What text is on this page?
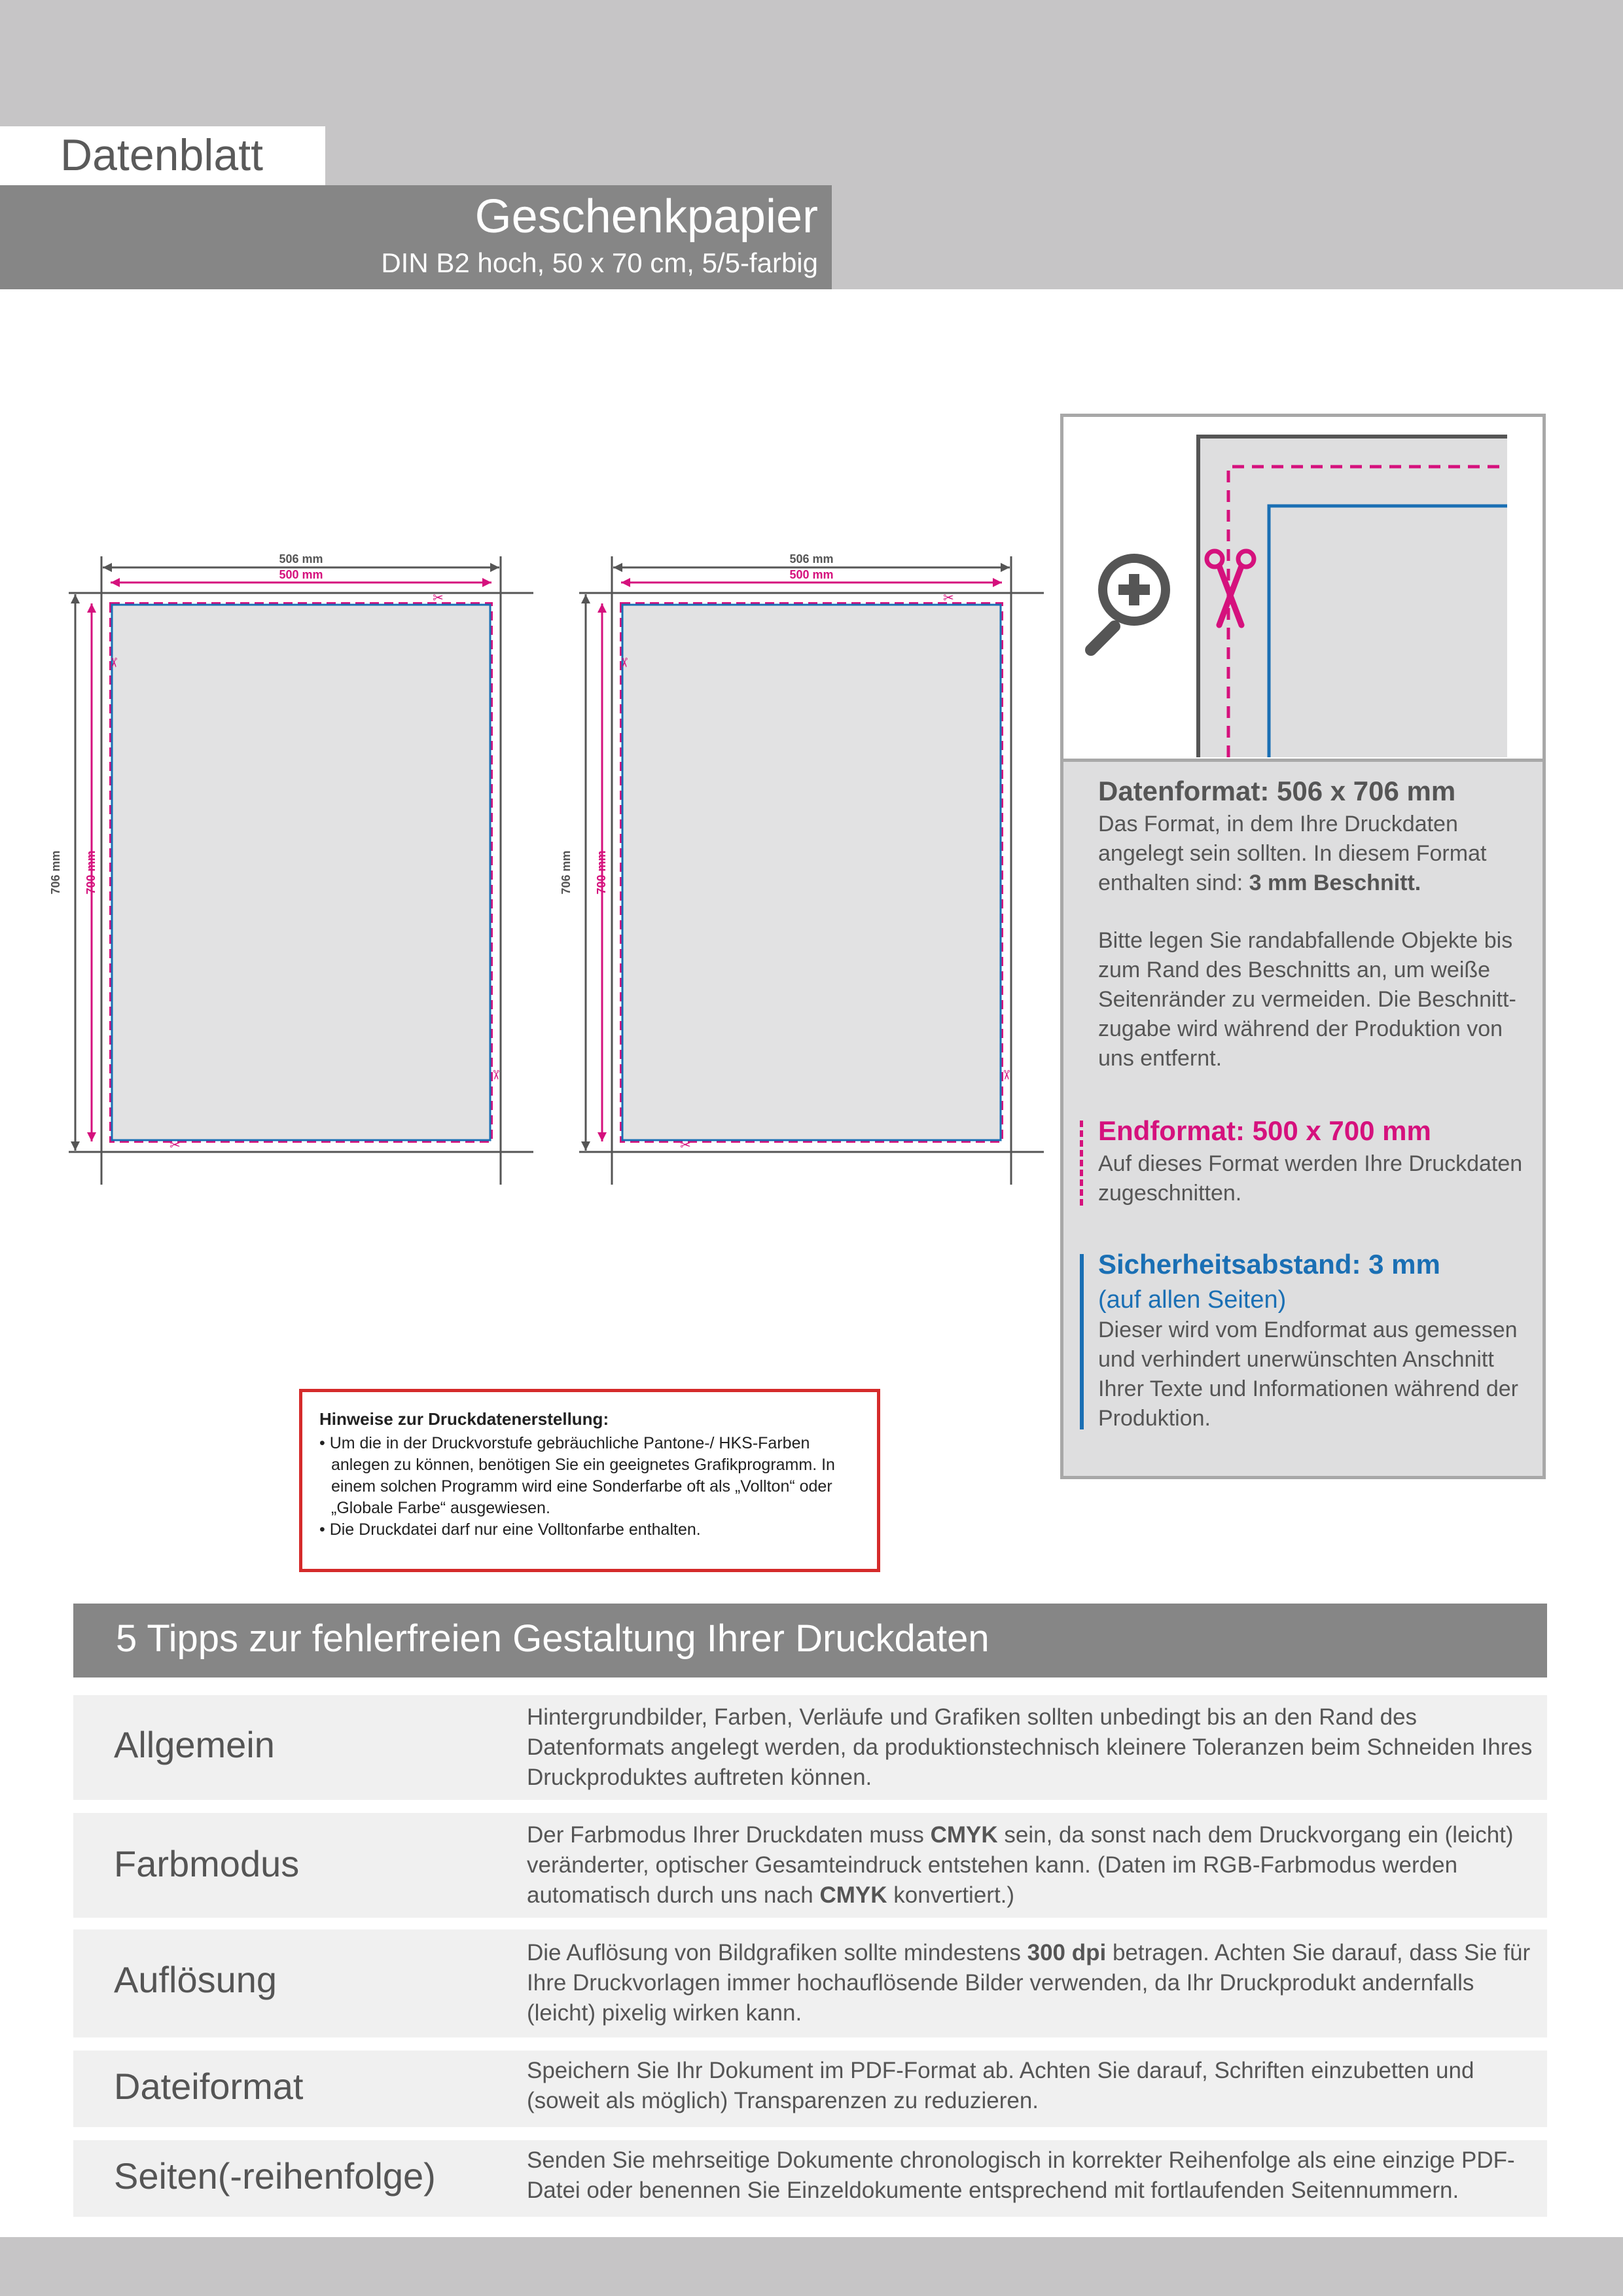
Datenblatt
Geschenkpapier
DIN B2 hoch, 50 x 70 cm, 5/5-farbig
506 mm
500 mm
706 mm 700 mm
✂
✂
✂
✂
506 mm
500 mm
706 mm 700 mm
✂
✂
✂
✂
Datenformat: 506 x 706 mm
Das Format, in dem Ihre Druckdaten angelegt sein sollten. In diesem Format enthalten sind: 3 mm Beschnitt.
Bitte legen Sie randabfallende Objekte bis zum Rand des Beschnitts an, um weiße Seitenränder zu vermeiden. Die Beschnitt-zugabe wird während der Produktion von uns entfernt.
Endformat: 500 x 700 mm
Auf dieses Format werden Ihre Druckdaten zugeschnitten.
Sicherheitsabstand: 3 mm
(auf allen Seiten)
Dieser wird vom Endformat aus gemessen und verhindert unerwünschten Anschnitt Ihrer Texte und Informationen während der Produktion.
Hinweise zur Druckdatenerstellung:
• Um die in der Druckvorstufe gebräuchliche Pantone-/ HKS-Farben anlegen zu können, benötigen Sie ein geeignetes Grafikprogramm. In einem solchen Programm wird eine Sonderfarbe oft als „Vollton“ oder „Globale Farbe“ ausgewiesen.
• Die Druckdatei darf nur eine Volltonfarbe enthalten.
5 Tipps zur fehlerfreien Gestaltung Ihrer Druckdaten
Allgemein
Hintergrundbilder, Farben, Verläufe und Grafiken sollten unbedingt bis an den Rand des Datenformats angelegt werden, da produktionstechnisch kleinere Toleranzen beim Schneiden Ihres Druckproduktes auftreten können.
Farbmodus
Der Farbmodus Ihrer Druckdaten muss CMYK sein, da sonst nach dem Druckvorgang ein (leicht) veränderter, optischer Gesamteindruck entstehen kann. (Daten im RGB-Farbmodus werden automatisch durch uns nach CMYK konvertiert.)
Auflösung
Die Auflösung von Bildgrafiken sollte mindestens 300 dpi betragen. Achten Sie darauf, dass Sie für Ihre Druckvorlagen immer hochauflösende Bilder verwenden, da Ihr Druckprodukt andernfalls (leicht) pixelig wirken kann.
Dateiformat	Speichern Sie Ihr Dokument im PDF-Format ab. Achten Sie darauf, Schriften einzubetten und (soweit als möglich) Transparenzen zu reduzieren.
Seiten(-reihenfolge)	Senden Sie mehrseitige Dokumente chronologisch in korrekter Reihenfolge als eine einzige PDF-Datei oder benennen Sie Einzeldokumente entsprechend mit fortlaufenden Seitennummern.
